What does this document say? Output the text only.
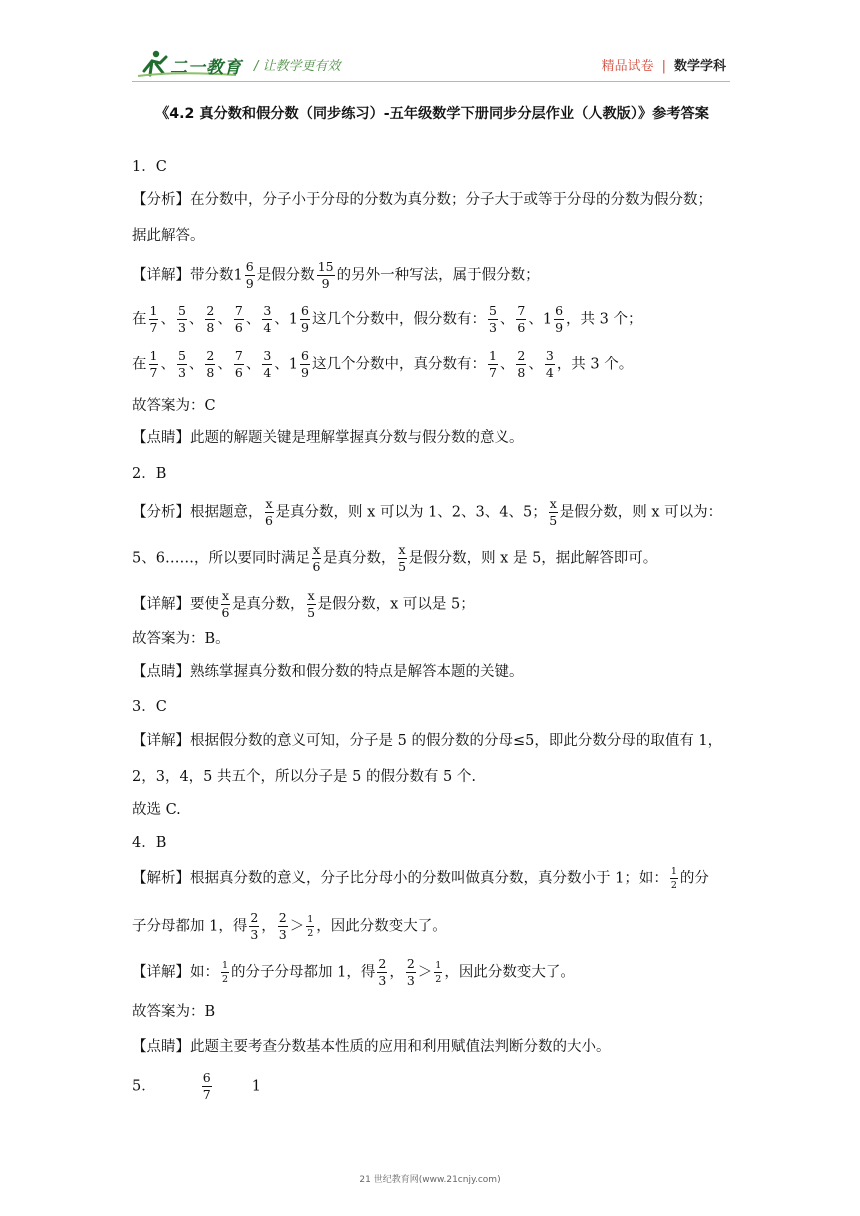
二一教育 / 让教学更有效	精品试卷 | 数学学科
《4.2 真分数和假分数（同步练习）-五年级数学下册同步分层作业（人教版）》参考答案
1．C
【分析】在分数中，分子小于分母的分数为真分数；分子大于或等于分母的分数为假分数；
据此解答。
【详解】带分数$1 \frac{6}{9}$ 是假分数 $\frac{15}{9}$ 的另外一种写法，属于假分数；
在 $\frac{1}{7}$ 、 $\frac{5}{3}$ 、 $\frac{2}{8}$ 、 $\frac{7}{6}$ 、 $\frac{3}{4}$ 、$1 \frac{6}{9}$ 这几个分数中，假分数有： $\frac{5}{3}$ 、 $\frac{7}{6}$ 、$1 \frac{6}{9}$ ，共 3 个；
在 $\frac{1}{7}$ 、 $\frac{5}{3}$ 、 $\frac{2}{8}$ 、 $\frac{7}{6}$ 、 $\frac{3}{4}$ 、$1 \frac{6}{9}$ 这几个分数中，真分数有： $\frac{1}{7}$ 、 $\frac{2}{8}$ 、 $\frac{3}{4}$ ，共 3 个。
故答案为：C
【点睛】此题的解题关键是理解掌握真分数与假分数的意义。
2．B
【分析】根据题意， $\frac{x}{6}$ 是真分数，则 x 可以为 1、2、3、4、5； $\frac{x}{5}$ 是假分数，则 x 可以为：
5、6……，所以要同时满足 $\frac{x}{6}$ 是真分数， $\frac{x}{5}$ 是假分数，则 x 是 5，据此解答即可。
【详解】要使 $\frac{x}{6}$ 是真分数， $\frac{x}{5}$ 是假分数，x 可以是 5；
故答案为：B。
【点睛】熟练掌握真分数和假分数的特点是解答本题的关键。
3．C
【详解】根据假分数的意义可知，分子是 5 的假分数的分母≤5，即此分数分母的取值有 1，
2，3，4，5 共五个，所以分子是 5 的假分数有 5 个.
故选 C.
4．B
【解析】根据真分数的意义，分子比分母小的分数叫做真分数，真分数小于 1；如： $\frac{1}{2}$ 的分
子分母都加 1，得 $\frac{2}{3}$ ， $\frac{2}{3} > \frac{1}{2}$ ，因此分数变大了。
【详解】如： $\frac{1}{2}$ 的分子分母都加 1，得 $\frac{2}{3}$ ， $\frac{2}{3} > \frac{1}{2}$ ，因此分数变大了。
故答案为：B
【点睛】此题主要考查分数基本性质的应用和利用赋值法判断分数的大小。
5．	$\frac{6}{7}$	1
21 世纪教育网(www.21cnjy.com)
